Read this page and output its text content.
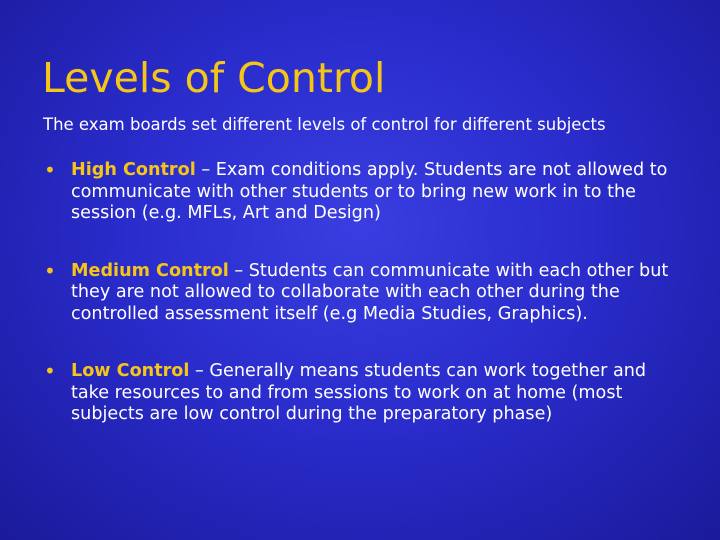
Levels of Control

The exam boards set different levels of control for different subjects

• High Control – Exam conditions apply. Students are not allowed to communicate with other students or to bring new work in to the session (e.g. MFLs, Art and Design)
• Medium Control – Students can communicate with each other but they are not allowed to collaborate with each other during the controlled assessment itself (e.g Media Studies, Graphics).
• Low Control – Generally means students can work together and take resources to and from sessions to work on at home (most subjects are low control during the preparatory phase)
